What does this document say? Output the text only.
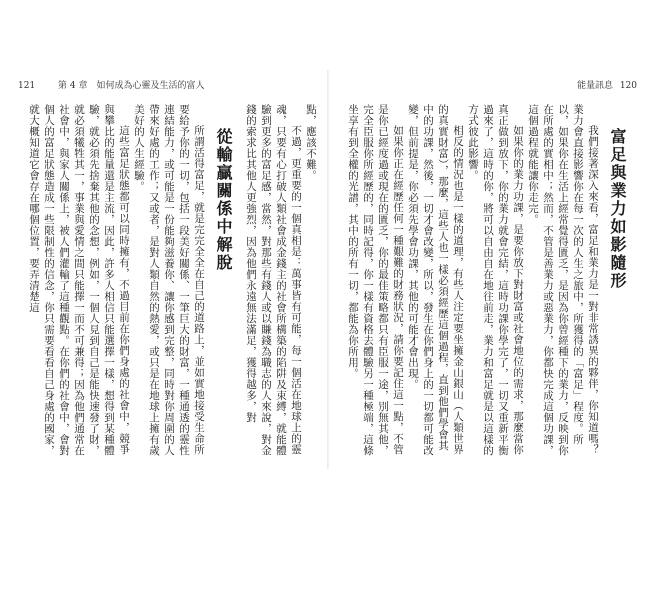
121	第 4 章　如何成為心靈及生活的富人

點，應該不難。

不過，更重要的一個真相是：萬事皆有可能，每一個活在地球上的靈魂，只要有心打破人類社會成金錢主的社會所構築的陷阱及束縛，就能體驗到更多的富足感，當然，對那些有錢人或以賺錢為職志的人來說，對金錢的索求比其他人更強烈，因為他們永遠無法滿足，獲得越多，對

從輸贏關係中解脫

所謂活得富足，就是完完全全在自己的道路上，並如實地接受生命所要給予你的一切，包括一段美好關係、一筆巨大的財富，一種通透的靈性連結能力，或可能是一份能夠滋養你、讓你感到完整，同時對你周圍的人帶來好處的工作；又或者，是對人類自然的熱愛，或只是在地球上擁有歲美好的人生經驗。

這些富足狀態都可以同時擁有，不過目前在你們身處的社會中，競爭與攀比的能量還是主流，因此，許多人相信只能選擇一樣，想得到某種體驗，就必須先捨棄其他的念想，例如，一個人見到自己是能快速發了財，就必須犧牲其一，事業與愛情之間只能擇一而不可兼得；因為他們通常在社會中，與家人關係上，被人們灌輸了這種觀點。在你們的社會中，會對個人的富足狀態造成一些限制性的信念，你只需要看看自己身處的國家，就大概知道它會存在哪個位置，要弄清楚這

能量訊息 120
富足與業力如影隨形

我們接著深入來看，富足和業力是一對非常誘異的夥伴，你知道嗎？業力會直接影響你在每一次的人生之旅中，所獲得的「富足」程度。所以，如果你在生活上經常覺得匱乏，是因為你曾經種下的業力，反映到你在所處的實相中；然而，不管是善業力或惡業力，你都快完成這個功課，這個過程就能讓你走完。

如果你的業力功課，是要你放下對財富或社會地位的需求，那麼當你真正做到放下，你的業力就會完結，這時功課你學完了，一切又重新平衡過來了，這時的你，將可以自由自在地往前走，業力和富足就是以這樣的方式彼此影響。

相反的情況也是一樣的道理，有些人注定要坐擁金山銀山（人類世界的真實財富），那麼，這些人也一樣必須經歷這個過程，直到他們學會其中的功課，然後，一切才會改變，所以，發生在你們身上的一切都可能改變，但前提是，你必須先學會功課，其他的可能才會出現。

如果你正在經歷任何一種艱難的財務狀況，請你要記住這一點，不管是你已經度過或現在的匱乏，你的最佳策略都只有臣服一途，別無其他，完全臣服你所經歷的，同時記得，你一樣有資格去體驗另一種極端，這條坐享有到全權的光譜，其中的所有一切，都能為你所用。
